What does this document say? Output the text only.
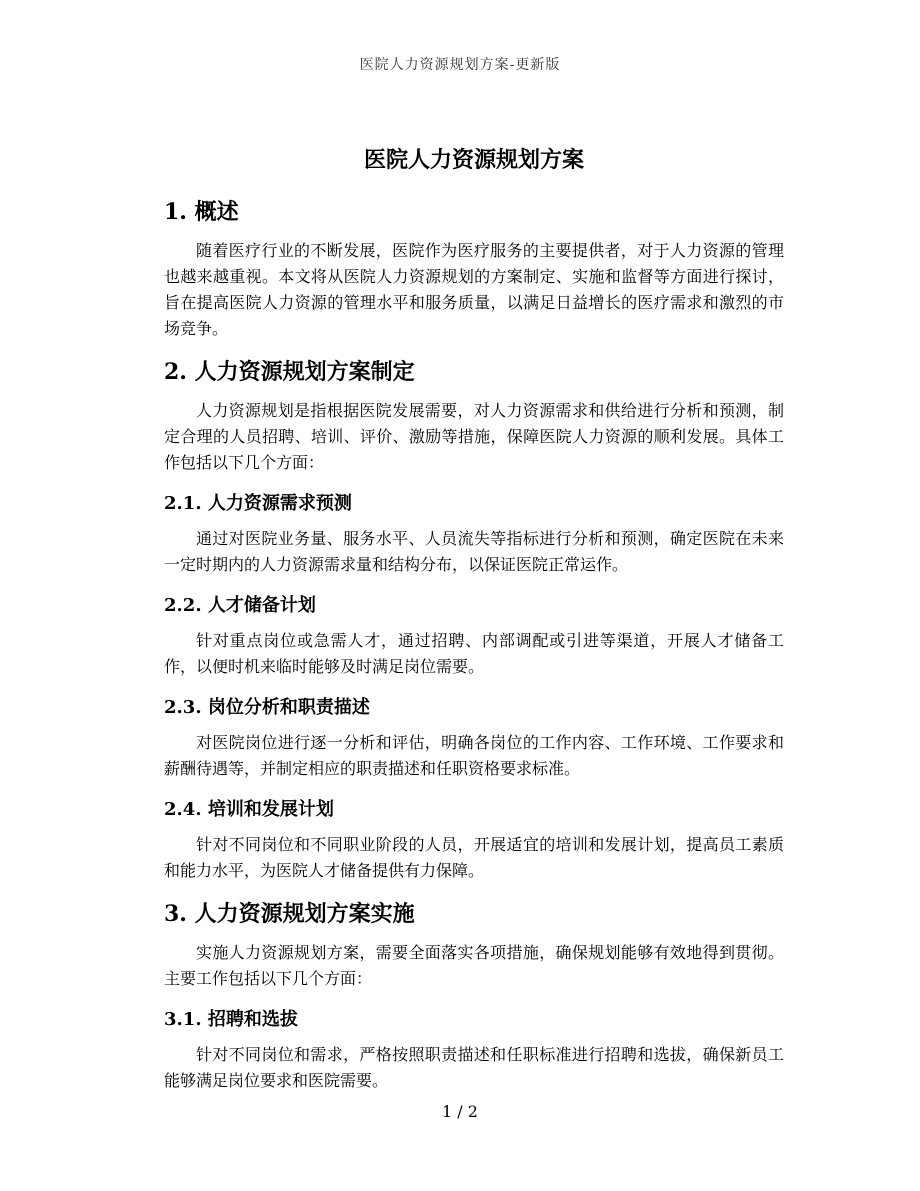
医院人力资源规划方案-更新版
医院人力资源规划方案
1. 概述

随着医疗行业的不断发展，医院作为医疗服务的主要提供者，对于人力资源的管理也越来越重视。本文将从医院人力资源规划的方案制定、实施和监督等方面进行探讨，旨在提高医院人力资源的管理水平和服务质量，以满足日益增长的医疗需求和激烈的市场竞争。

2. 人力资源规划方案制定

人力资源规划是指根据医院发展需要，对人力资源需求和供给进行分析和预测，制定合理的人员招聘、培训、评价、激励等措施，保障医院人力资源的顺利发展。具体工作包括以下几个方面：

2.1. 人力资源需求预测

通过对医院业务量、服务水平、人员流失等指标进行分析和预测，确定医院在未来一定时期内的人力资源需求量和结构分布，以保证医院正常运作。

2.2. 人才储备计划

针对重点岗位或急需人才，通过招聘、内部调配或引进等渠道，开展人才储备工作，以便时机来临时能够及时满足岗位需要。

2.3. 岗位分析和职责描述

对医院岗位进行逐一分析和评估，明确各岗位的工作内容、工作环境、工作要求和薪酬待遇等，并制定相应的职责描述和任职资格要求标准。

2.4. 培训和发展计划

针对不同岗位和不同职业阶段的人员，开展适宜的培训和发展计划，提高员工素质和能力水平，为医院人才储备提供有力保障。

3. 人力资源规划方案实施

实施人力资源规划方案，需要全面落实各项措施，确保规划能够有效地得到贯彻。主要工作包括以下几个方面：

3.1. 招聘和选拔

针对不同岗位和需求，严格按照职责描述和任职标准进行招聘和选拔，确保新员工能够满足岗位要求和医院需要。

1 / 2
